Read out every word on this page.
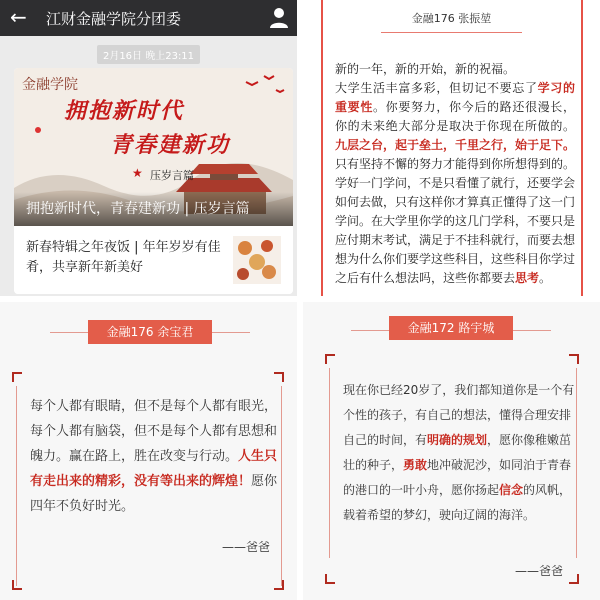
← 江财金融学院分团委
2月16日 晚上23:11
金融学院
拥抱新时代
青春建新功
★ 压岁言篇
拥抱新时代，青春建新功 | 压岁言篇
新春特辑之年夜饭 | 年年岁岁有佳肴，共享新年新美好
金融176 张振堃
新的一年，新的开始，新的祝福。
大学生活丰富多彩，但切记不要忘了学习的重要性。你要努力，你今后的路还很漫长，你的未来绝大部分是取决于你现在所做的。九层之台，起于垒土，千里之行，始于足下。只有坚持不懈的努力才能得到你所想得到的。学好一门学问，不是只看懂了就行，还要学会如何去做，只有这样你才算真正懂得了这一门学问。在大学里你学的这几门学科，不要只是应付期末考试，满足于不挂科就行，而要去想想为什么你们要学这些科目，这些科目你学过之后有什么想法吗，这些你都要去思考。
金融176 余宝君
每个人都有眼睛，但不是每个人都有眼光，每个人都有脑袋，但不是每个人都有思想和魄力。赢在路上，胜在改变与行动。人生只有走出来的精彩，没有等出来的辉煌！愿你四年不负好时光。
——爸爸
金融172 路宇城
现在你已经20岁了，我们都知道你是一个有个性的孩子，有自己的想法，懂得合理安排自己的时间，有明确的规划，愿你像稚嫩茁壮的种子，勇敢地冲破泥沙，如同泊于青春的港口的一叶小舟，愿你扬起信念的风帆，载着希望的梦幻，驶向辽阔的海洋。
——爸爸
